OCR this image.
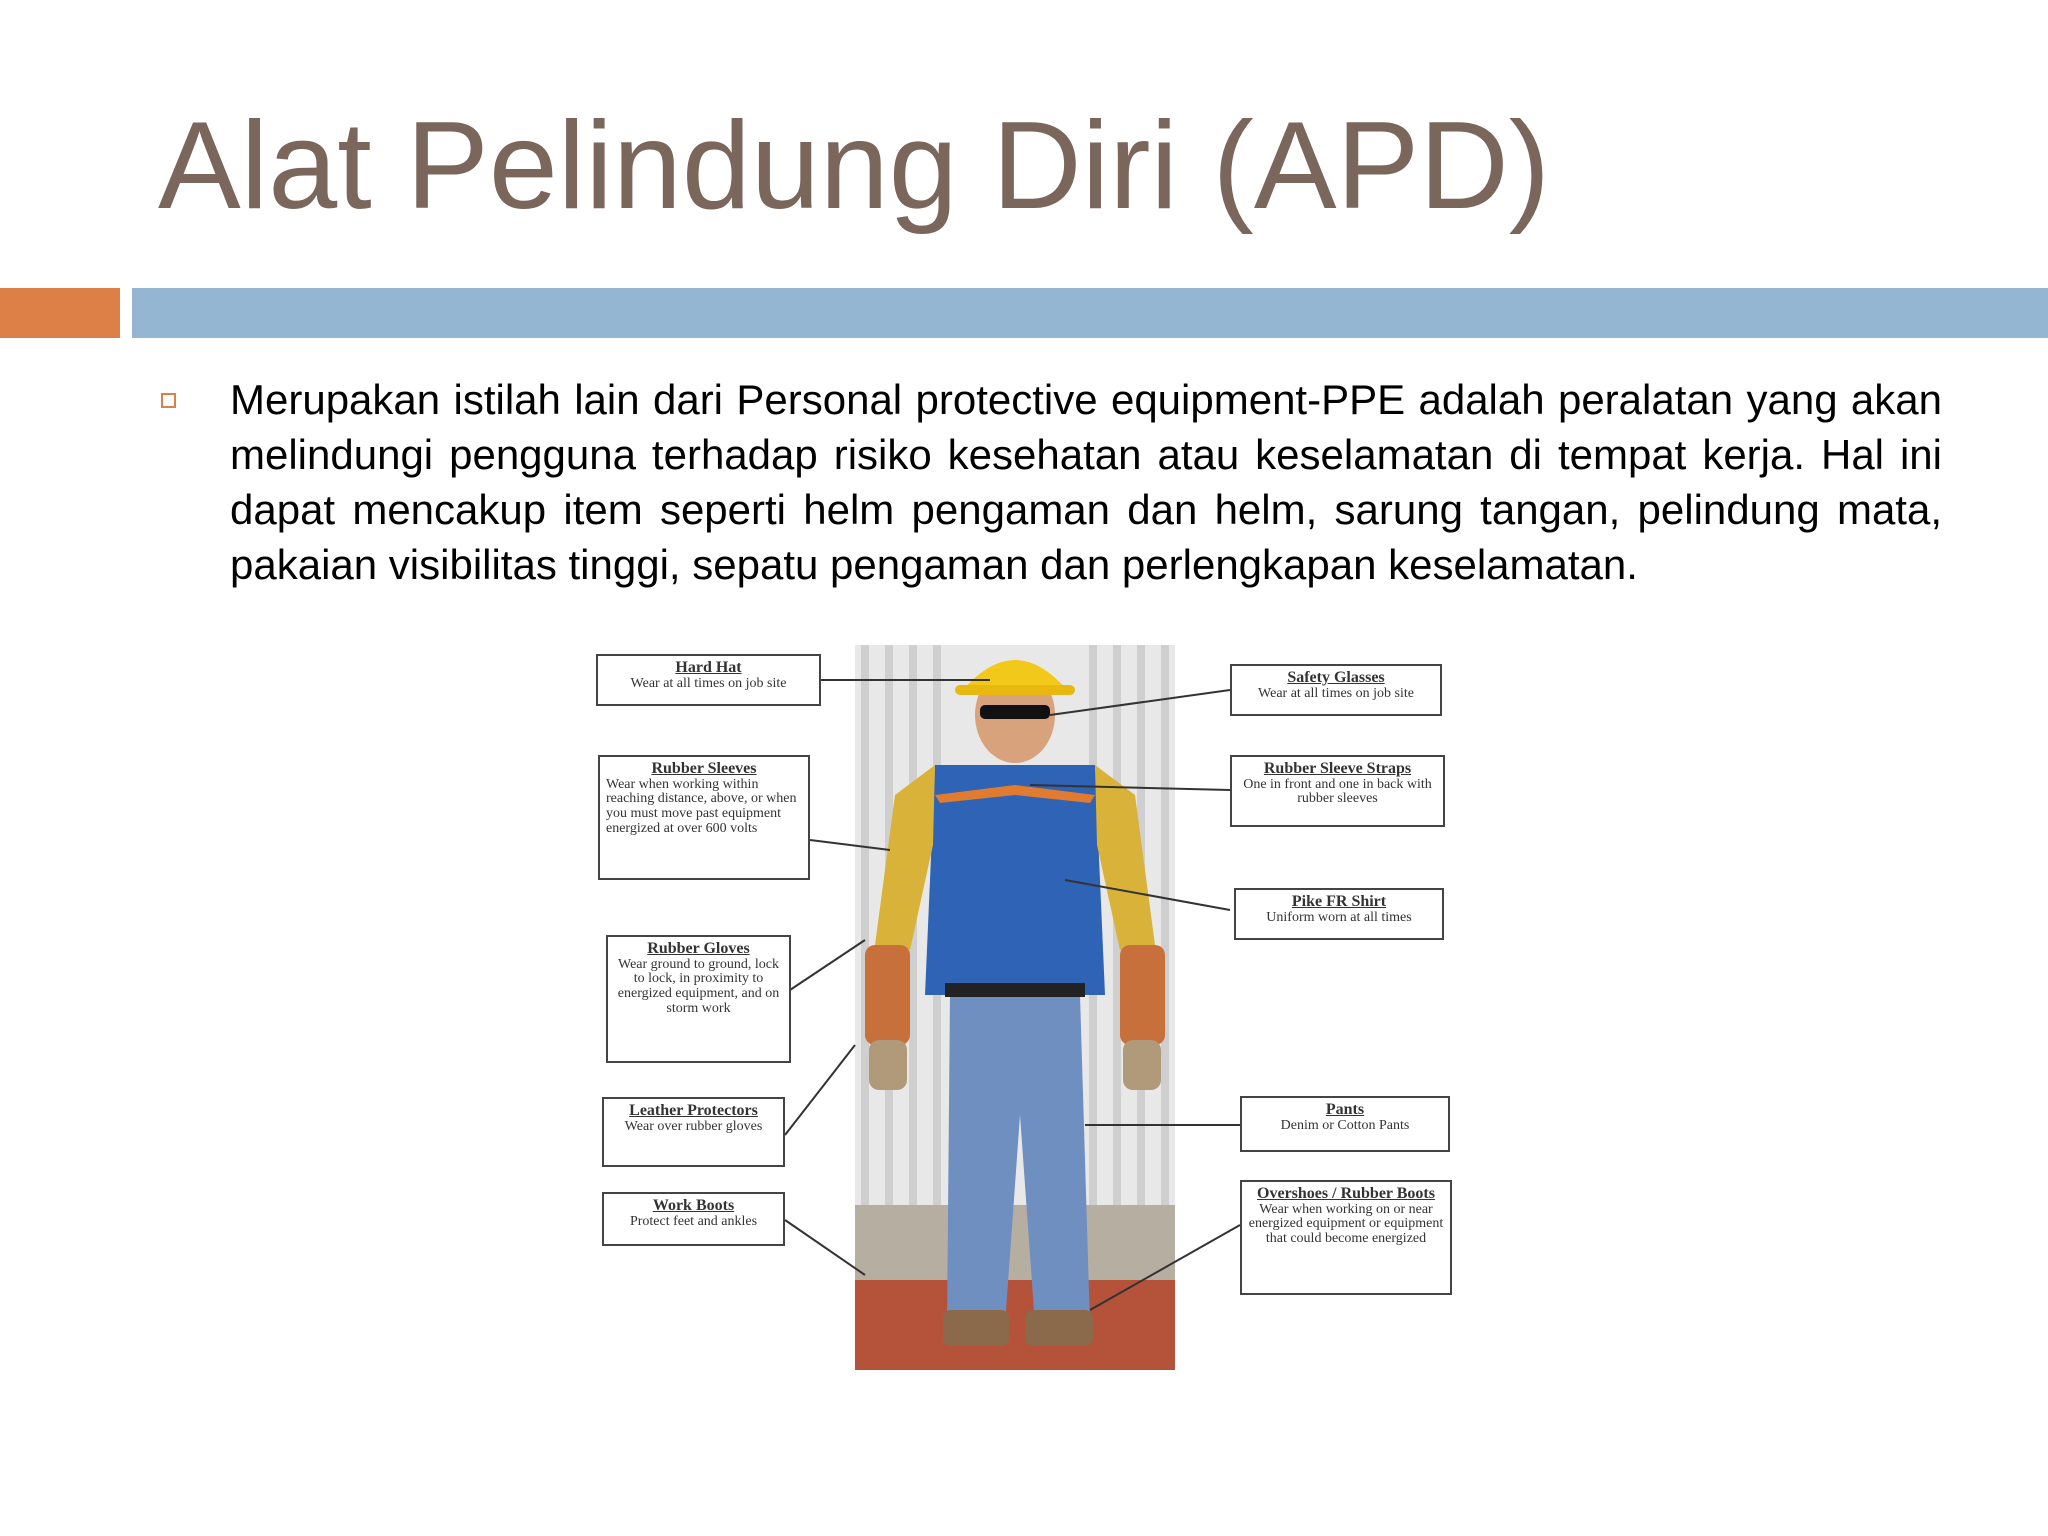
Alat Pelindung Diri (APD)
Merupakan istilah lain dari Personal protective equipment-PPE adalah peralatan yang akan melindungi pengguna terhadap risiko kesehatan atau keselamatan di tempat kerja. Hal ini dapat mencakup item seperti helm pengaman dan helm, sarung tangan, pelindung mata, pakaian visibilitas tinggi, sepatu pengaman dan perlengkapan keselamatan.
Hard Hat
Wear at all times on job site
Rubber Sleeves
Wear when working within reaching distance, above, or when you must move past equipment energized at over 600 volts
Rubber Gloves
Wear ground to ground, lock to lock, in proximity to energized equipment, and on storm work
Leather Protectors
Wear over rubber gloves
Work Boots
Protect feet and ankles
Safety Glasses
Wear at all times on job site
Rubber Sleeve Straps
One in front and one in back with rubber sleeves
Pike FR Shirt
Uniform worn at all times
Pants
Denim or Cotton Pants
Overshoes / Rubber Boots
Wear when working on or near energized equipment or equipment that could become energized
